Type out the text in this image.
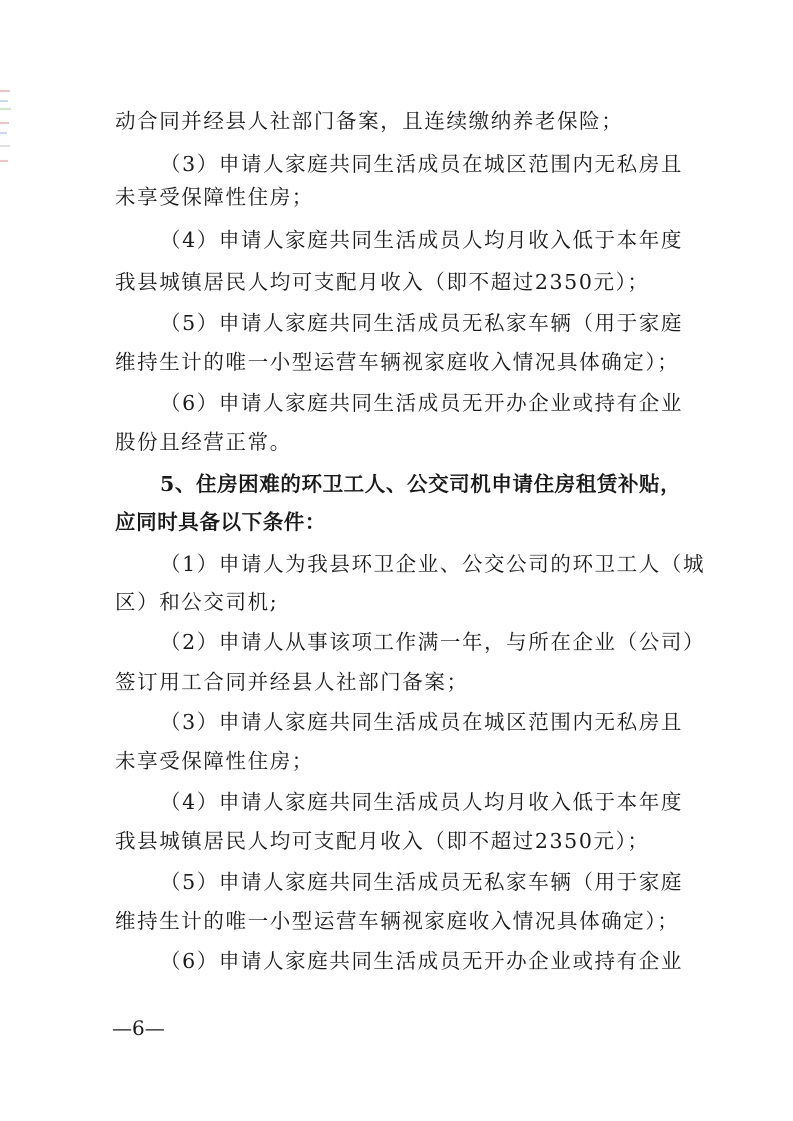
动合同并经县人社部门备案，且连续缴纳养老保险；
（3）申请人家庭共同生活成员在城区范围内无私房且
未享受保障性住房；
（4）申请人家庭共同生活成员人均月收入低于本年度
我县城镇居民人均可支配月收入（即不超过2350元）；
（5）申请人家庭共同生活成员无私家车辆（用于家庭
维持生计的唯一小型运营车辆视家庭收入情况具体确定）；
（6）申请人家庭共同生活成员无开办企业或持有企业
股份且经营正常。
5、住房困难的环卫工人、公交司机申请住房租赁补贴，
应同时具备以下条件：
（1）申请人为我县环卫企业、公交公司的环卫工人（城
区）和公交司机;
（2）申请人从事该项工作满一年，与所在企业（公司）
签订用工合同并经县人社部门备案；
（3）申请人家庭共同生活成员在城区范围内无私房且
未享受保障性住房；
（4）申请人家庭共同生活成员人均月收入低于本年度
我县城镇居民人均可支配月收入（即不超过2350元）；
（5）申请人家庭共同生活成员无私家车辆（用于家庭
维持生计的唯一小型运营车辆视家庭收入情况具体确定）；
（6）申请人家庭共同生活成员无开办企业或持有企业
—6—
